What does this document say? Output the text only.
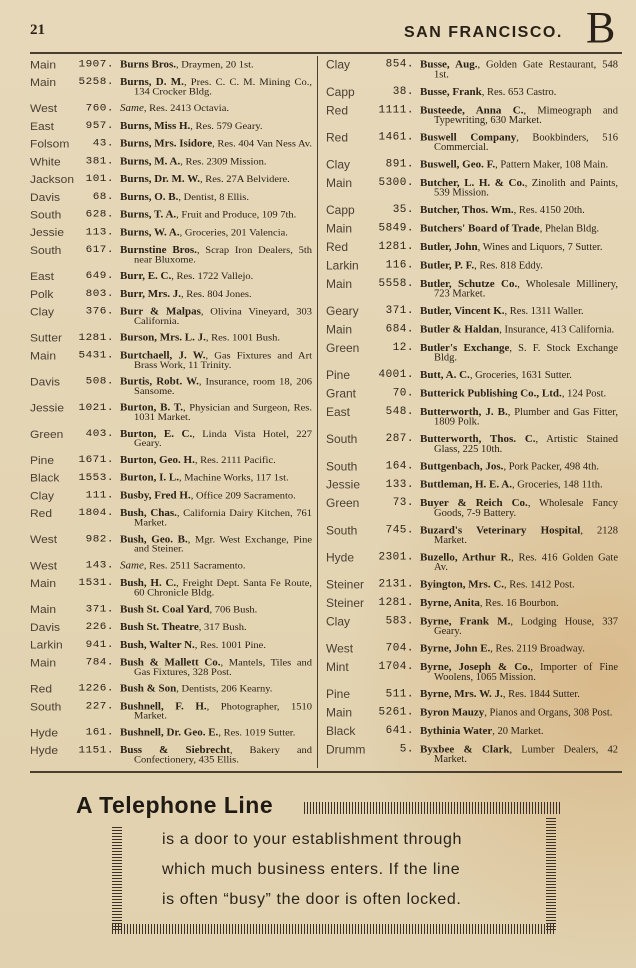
21	SAN FRANCISCO. B
Main	1907. Burns Bros., Draymen, 20 1st.
Main	5258. Burns, D. M., Pres. C. C. M. Mining Co., 134 Crocker Bldg.
West	760. Same, Res. 2413 Octavia.
East	957. Burns, Miss H., Res. 579 Geary.
Folsom	43. Burns, Mrs. Isidore, Res. 404 Van Ness Av.
White	381. Burns, M. A., Res. 2309 Mission.
Jackson	101. Burns, Dr. M. W., Res. 27A Belvidere.
Davis	68. Burns, O. B., Dentist, 8 Ellis.
South	628. Burns, T. A., Fruit and Produce, 109 7th.
Jessie	113. Burns, W. A., Groceries, 201 Valencia.
South	617. Burnstine Bros., Scrap Iron Dealers, 5th near Bluxome.
East	649. Burr, E. C., Res. 1722 Vallejo.
Polk	803. Burr, Mrs. J., Res. 804 Jones.
Clay	376. Burr & Malpas, Olivina Vineyard, 303 California.
Sutter	1281. Burson, Mrs. L. J., Res. 1001 Bush.
Main	5431. Burtchaell, J. W., Gas Fixtures and Art Brass Work, 11 Trinity.
Davis	508. Burtis, Robt. W., Insurance, room 18, 206 Sansome.
Jessie	1021. Burton, B. T., Physician and Surgeon, Res. 1031 Market.
Green	403. Burton, E. C., Linda Vista Hotel, 227 Geary.
Pine	1671. Burton, Geo. H., Res. 2111 Pacific.
Black	1553. Burton, I. L., Machine Works, 117 1st.
Clay	111. Busby, Fred H., Office 209 Sacramento.
Red	1804. Bush, Chas., California Dairy Kitchen, 761 Market.
West	982. Bush, Geo. B., Mgr. West Exchange, Pine and Steiner.
West	143. Same, Res. 2511 Sacramento.
Main	1531. Bush, H. C., Freight Dept. Santa Fe Route, 60 Chronicle Bldg.
Main	371. Bush St. Coal Yard, 706 Bush.
Davis	226. Bush St. Theatre, 317 Bush.
Larkin	941. Bush, Walter N., Res. 1001 Pine.
Main	784. Bush & Mallett Co., Mantels, Tiles and Gas Fixtures, 328 Post.
Red	1226. Bush & Son, Dentists, 206 Kearny.
South	227. Bushnell, F. H., Photographer, 1510 Market.
Hyde	161. Bushnell, Dr. Geo. E., Res. 1019 Sutter.
Hyde	1151. Buss & Siebrecht, Bakery and Confectionery, 435 Ellis.
Clay	854. Busse, Aug., Golden Gate Restaurant, 548 1st.
Capp	38. Busse, Frank, Res. 653 Castro.
Red	1111. Busteede, Anna C., Mimeograph and Typewriting, 630 Market.
Red	1461. Buswell Company, Bookbinders, 516 Commercial.
Clay	891. Buswell, Geo. F., Pattern Maker, 108 Main.
Main	5300. Butcher, L. H. & Co., Zinolith and Paints, 539 Mission.
Capp	35. Butcher, Thos. Wm., Res. 4150 20th.
Main	5849. Butchers' Board of Trade, Phelan Bldg.
Red	1281. Butler, John, Wines and Liquors, 7 Sutter.
Larkin	116. Butler, P. F., Res. 818 Eddy.
Main	5558. Butler, Schutze Co., Wholesale Millinery, 723 Market.
Geary	371. Butler, Vincent K., Res. 1311 Waller.
Main	684. Butler & Haldan, Insurance, 413 California.
Green	12. Butler's Exchange, S. F. Stock Exchange Bldg.
Pine	4001. Butt, A. C., Groceries, 1631 Sutter.
Grant	70. Butterick Publishing Co., Ltd., 124 Post.
East	548. Butterworth, J. B., Plumber and Gas Fitter, 1809 Polk.
South	287. Butterworth, Thos. C., Artistic Stained Glass, 225 10th.
South	164. Buttgenbach, Jos., Pork Packer, 498 4th.
Jessie	133. Buttleman, H. E. A., Groceries, 148 11th.
Green	73. Buyer & Reich Co., Wholesale Fancy Goods, 7-9 Battery.
South	745. Buzard's Veterinary Hospital, 2128 Market.
Hyde	2301. Buzello, Arthur R., Res. 416 Golden Gate Av.
Steiner	2131. Byington, Mrs. C., Res. 1412 Post.
Steiner	1281. Byrne, Anita, Res. 16 Bourbon.
Clay	583. Byrne, Frank M., Lodging House, 337 Geary.
West	704. Byrne, John E., Res. 2119 Broadway.
Mint	1704. Byrne, Joseph & Co., Importer of Fine Woolens, 1065 Mission.
Pine	511. Byrne, Mrs. W. J., Res. 1844 Sutter.
Main	5261. Byron Mauzy, Pianos and Organs, 308 Post.
Black	641. Bythinia Water, 20 Market.
Drumm	5. Byxbee & Clark, Lumber Dealers, 42 Market.
A Telephone Line
is a door to your establishment through
which much business enters. If the line
is often “busy” the door is often locked.
